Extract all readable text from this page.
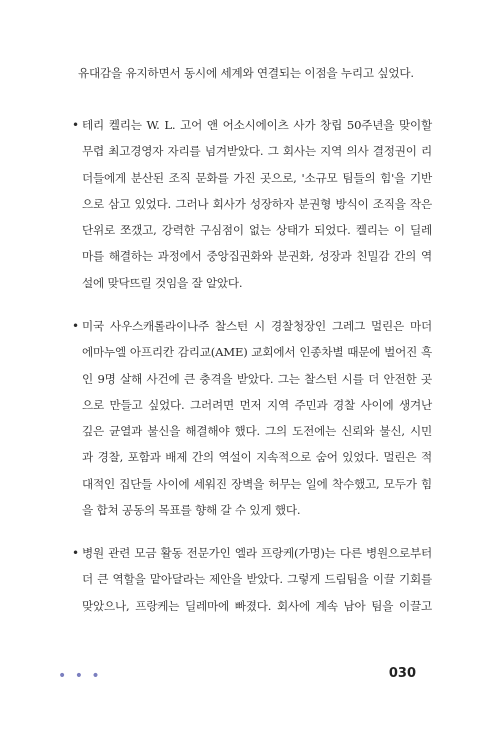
유대감을 유지하면서 동시에 세계와 연결되는 이점을 누리고 싶었다.
• 테리 켈리는 W. L. 고어 앤 어소시에이츠 사가 창립 50주년을 맞이할
무렵 최고경영자 자리를 넘겨받았다. 그 회사는 지역 의사 결정권이 리
더들에게 분산된 조직 문화를 가진 곳으로, '소규모 팀들의 힘'을 기반
으로 삼고 있었다. 그러나 회사가 성장하자 분권형 방식이 조직을 작은
단위로 쪼갰고, 강력한 구심점이 없는 상태가 되었다. 켈리는 이 딜레
마를 해결하는 과정에서 중앙집권화와 분권화, 성장과 친밀감 간의 역
설에 맞닥뜨릴 것임을 잘 알았다.

• 미국 사우스캐롤라이나주 찰스턴 시 경찰청장인 그레그 멀린은 마더
에마누엘 아프리칸 감리교(AME) 교회에서 인종차별 때문에 벌어진 흑
인 9명 살해 사건에 큰 충격을 받았다. 그는 찰스턴 시를 더 안전한 곳
으로 만들고 싶었다. 그러려면 먼저 지역 주민과 경찰 사이에 생겨난
깊은 균열과 불신을 해결해야 했다. 그의 도전에는 신뢰와 불신, 시민
과 경찰, 포함과 배제 간의 역설이 지속적으로 숨어 있었다. 멀린은 적
대적인 집단들 사이에 세워진 장벽을 허무는 일에 착수했고, 모두가 힘
을 합쳐 공동의 목표를 향해 갈 수 있게 했다.

• 병원 관련 모금 활동 전문가인 엘라 프랑케(가명)는 다른 병원으로부터
더 큰 역할을 맡아달라는 제안을 받았다. 그렇게 드림팀을 이끌 기회를
맞았으나, 프랑케는 딜레마에 빠졌다. 회사에 계속 남아 팀을 이끌고

• • •	030
